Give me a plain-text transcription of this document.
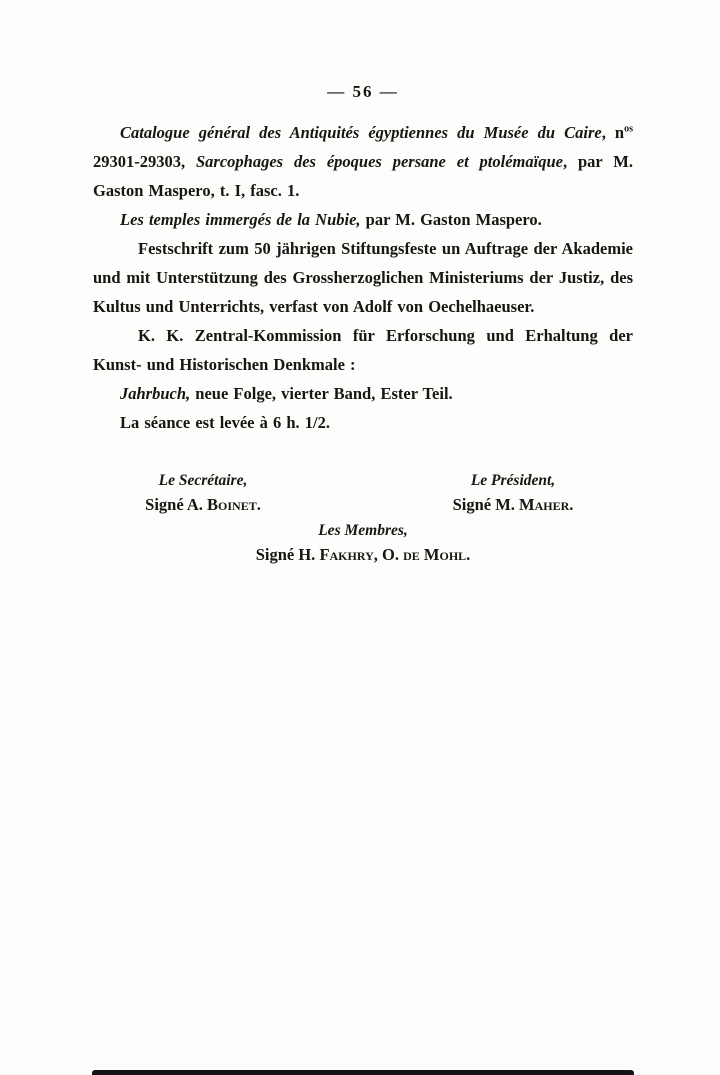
— 56 —

Catalogue général des Antiquités égyptiennes du Musée du Caire, $n^{os}$ 29301-29303, Sarcophages des époques persane et ptolémaïque, par M. Gaston Maspero, t. I, fasc. 1.

Les temples immergés de la Nubie, par M. Gaston Maspero.

Festschrift zum 50 jährigen Stiftungsfeste un Auftrage der Akademie und mit Unterstützung des Grossherzoglichen Ministeriums der Justiz, des Kultus und Unterrichts, verfast von Adolf von Oechelhaeuser.

K. K. Zentral-Kommission für Erforschung und Erhaltung der Kunst- und Historischen Denkmale :

Jahrbuch, neue Folge, vierter Band, Ester Teil.

La séance est levée à 6 h. 1/2.

Le Secrétaire,
Signé A. Boinet.
Le Président,
Signé M. Maher.
Les Membres,
Signé H. Fakhry, O. de Mohl.
